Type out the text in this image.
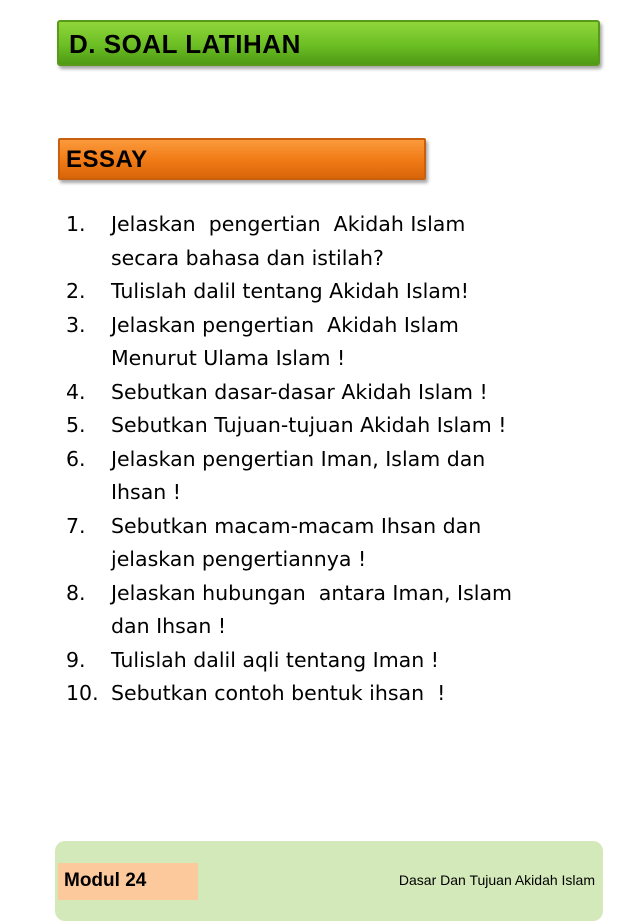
D. SOAL LATIHAN
ESSAY
1. Jelaskan  pengertian  Akidah Islam
secara bahasa dan istilah?
2. Tulislah dalil tentang Akidah Islam!
3. Jelaskan pengertian  Akidah Islam
Menurut Ulama Islam !
4. Sebutkan dasar-dasar Akidah Islam !
5. Sebutkan Tujuan-tujuan Akidah Islam !
6. Jelaskan pengertian Iman, Islam dan
Ihsan !
7. Sebutkan macam-macam Ihsan dan
jelaskan pengertiannya !
8. Jelaskan hubungan  antara Iman, Islam
dan Ihsan !
9. Tulislah dalil aqli tentang Iman !
10. Sebutkan contoh bentuk ihsan  !
Modul 24	Dasar Dan Tujuan Akidah Islam
